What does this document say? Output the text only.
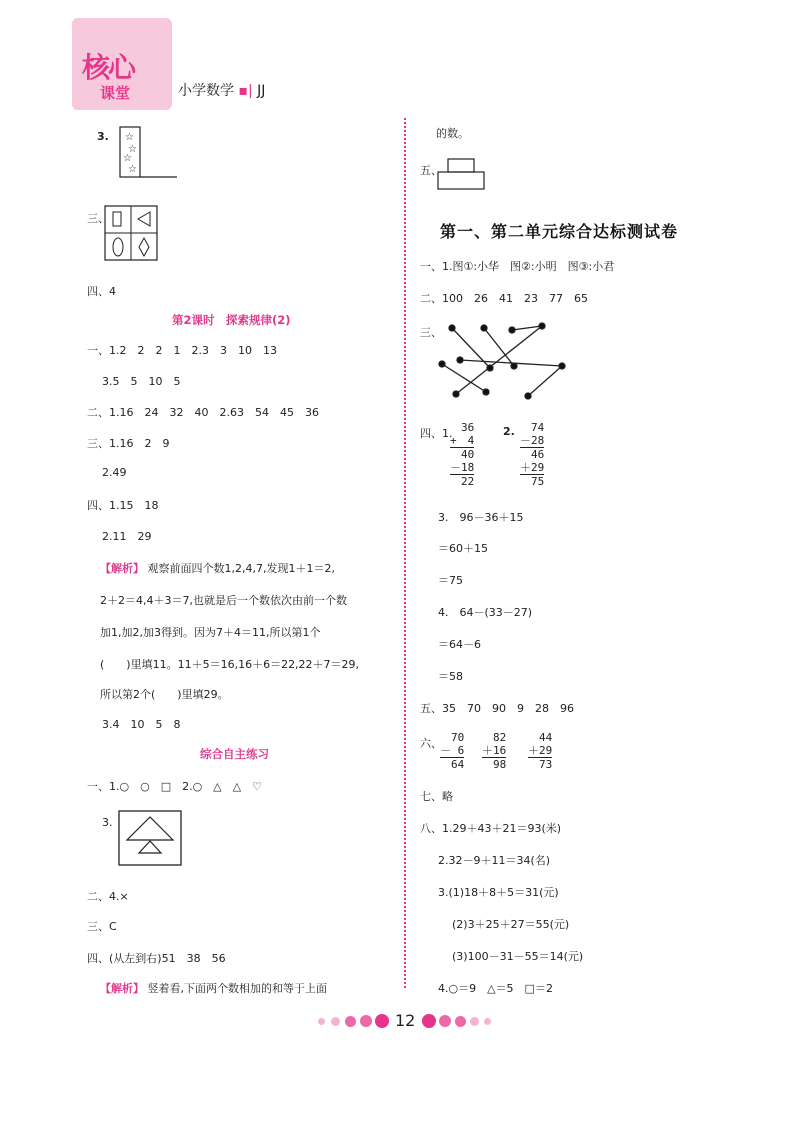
核心
课堂	小学数学 ▪| JJ
3. ☆
☆
☆
☆
三、
四、4
第2课时　探索规律(2)
一、1.2　2　2　1　2.3　3　10　13
3.5　5　10　5
二、1.16　24　32　40　2.63　54　45　36
三、1.16　2　9
2.49
四、1.15　18
2.11　29
【解析】 观察前面四个数1,2,4,7,发现1＋1＝2,
2＋2＝4,4＋3＝7,也就是后一个数依次由前一个数
加1,加2,加3得到。因为7＋4＝11,所以第1个
(　　)里填11。11＋5＝16,16＋6＝22,22＋7＝29,
所以第2个(　　)里填29。
3.4　10　5　8
综合自主练习
一、1.○　○　□　2.○　△　△　♡
3.
二、4.×
三、C
四、(从左到右)51　38　56
【解析】 竖着看,下面两个数相加的和等于上面
的数。
五、
第一、第二单元综合达标测试卷
一、1.图①:小华　图②:小明　图③:小君
二、100　26　41　23　77　65
三、
四、1. 36
+　4
40
－18
22
2. 74
－28
46
＋29
75
3.　96－36＋15
＝60＋15
＝75
4.　64－(33－27)
＝64－6
＝58
五、35　70　90　9　28　96
六、 70
－ 6
64
82
＋16
98
44
＋29
73
七、略
八、1.29＋43＋21＝93(米)
2.32－9＋11＝34(名)
3.(1)18＋8＋5＝31(元)
(2)3＋25＋27＝55(元)
(3)100－31－55＝14(元)
4.○＝9　△＝5　□＝2
12
